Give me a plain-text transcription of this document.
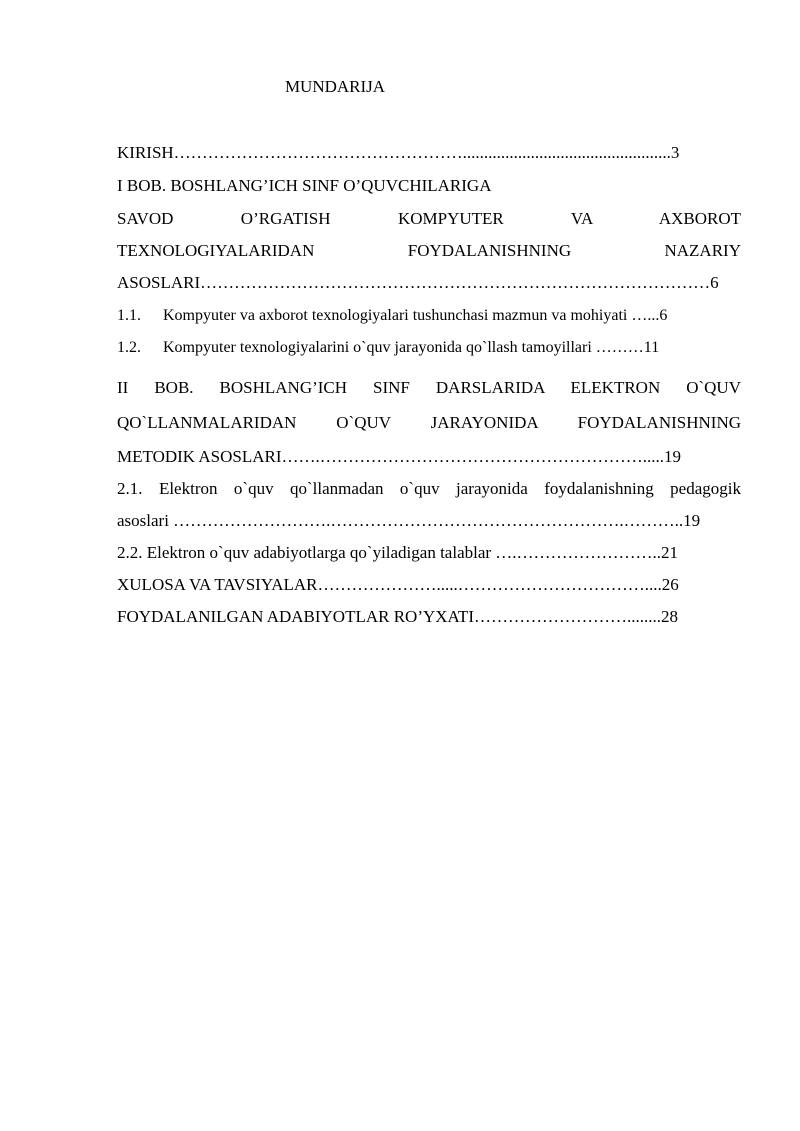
MUNDARIJA
KIRISH…………………………………………….................................................3
I BOB. BOSHLANG’ICH SINF O’QUVCHILARIGA
SAVOD O’RGATISH KOMPYUTER VA AXBOROT
TEXNOLOGIYALARIDAN FOYDALANISHNING NAZARIY
ASOSLARI………………………………………………………………………………6
1.1. Kompyuter va axborot texnologiyalari tushunchasi mazmun va mohiyati …...6
1.2. Kompyuter texnologiyalarini o`quv jarayonida qo`llash tamoyillari ………11
II BOB. BOSHLANG’ICH SINF DARSLARIDA ELEKTRON O`QUV
QO`LLANMALARIDAN O`QUV JARAYONIDA FOYDALANISHNING
METODIK ASOSLARI…….………………………………………………….....19
2.1. Elektron o`quv qo`llanmadan o`quv jarayonida foydalanishning pedagogik
asoslari ……………………….…………………………………………….………..19
2.2. Elektron o`quv adabiyotlarga qo`yiladigan talablar ….……………………..21
XULOSA VA TAVSIYALAR………………….....……………………………....26
FOYDALANILGAN ADABIYOTLAR RO’YXATI………………………........28
